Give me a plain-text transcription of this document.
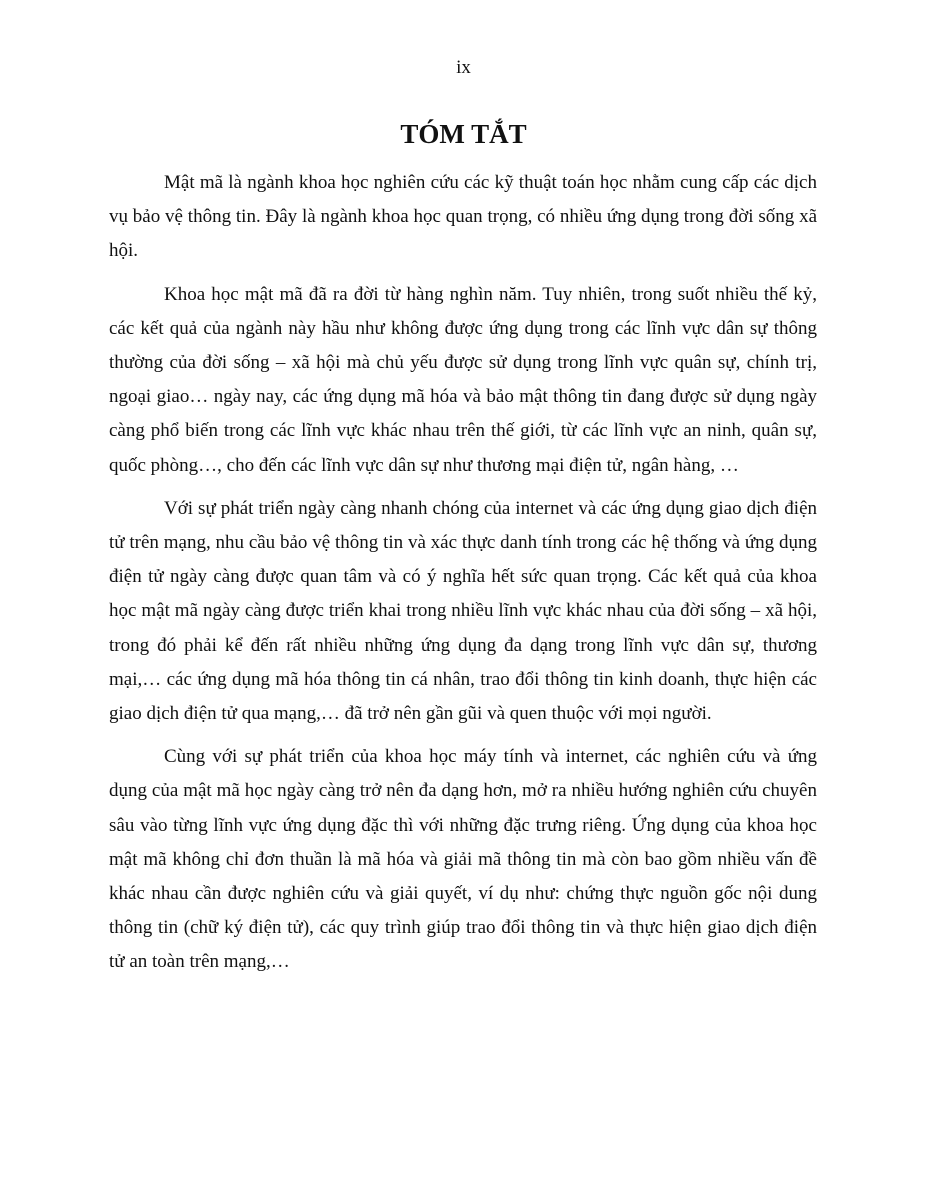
ix
TÓM TẮT

Mật mã là ngành khoa học nghiên cứu các kỹ thuật toán học nhằm cung cấp các dịch vụ bảo vệ thông tin. Đây là ngành khoa học quan trọng, có nhiều ứng dụng trong đời sống xã hội.

Khoa học mật mã đã ra đời từ hàng nghìn năm. Tuy nhiên, trong suốt nhiều thế kỷ, các kết quả của ngành này hầu như không được ứng dụng trong các lĩnh vực dân sự thông thường của đời sống – xã hội mà chủ yếu được sử dụng trong lĩnh vực quân sự, chính trị, ngoại giao… ngày nay, các ứng dụng mã hóa và bảo mật thông tin đang được sử dụng ngày càng phổ biến trong các lĩnh vực khác nhau trên thế giới, từ các lĩnh vực an ninh, quân sự, quốc phòng…, cho đến các lĩnh vực dân sự như thương mại điện tử, ngân hàng, …

Với sự phát triển ngày càng nhanh chóng của internet và các ứng dụng giao dịch điện tử trên mạng, nhu cầu bảo vệ thông tin và xác thực danh tính trong các hệ thống và ứng dụng điện tử ngày càng được quan tâm và có ý nghĩa hết sức quan trọng. Các kết quả của khoa học mật mã ngày càng được triển khai trong nhiều lĩnh vực khác nhau của đời sống – xã hội, trong đó phải kể đến rất nhiều những ứng dụng đa dạng trong lĩnh vực dân sự, thương mại,… các ứng dụng mã hóa thông tin cá nhân, trao đổi thông tin kinh doanh, thực hiện các giao dịch điện tử qua mạng,… đã trở nên gần gũi và quen thuộc với mọi người.

Cùng với sự phát triển của khoa học máy tính và internet, các nghiên cứu và ứng dụng của mật mã học ngày càng trở nên đa dạng hơn, mở ra nhiều hướng nghiên cứu chuyên sâu vào từng lĩnh vực ứng dụng đặc thì với những đặc trưng riêng. Ứng dụng của khoa học mật mã không chỉ đơn thuần là mã hóa và giải mã thông tin mà còn bao gồm nhiều vấn đề khác nhau cần được nghiên cứu và giải quyết, ví dụ như: chứng thực nguồn gốc nội dung thông tin (chữ ký điện tử), các quy trình giúp trao đổi thông tin và thực hiện giao dịch điện tử an toàn trên mạng,…
